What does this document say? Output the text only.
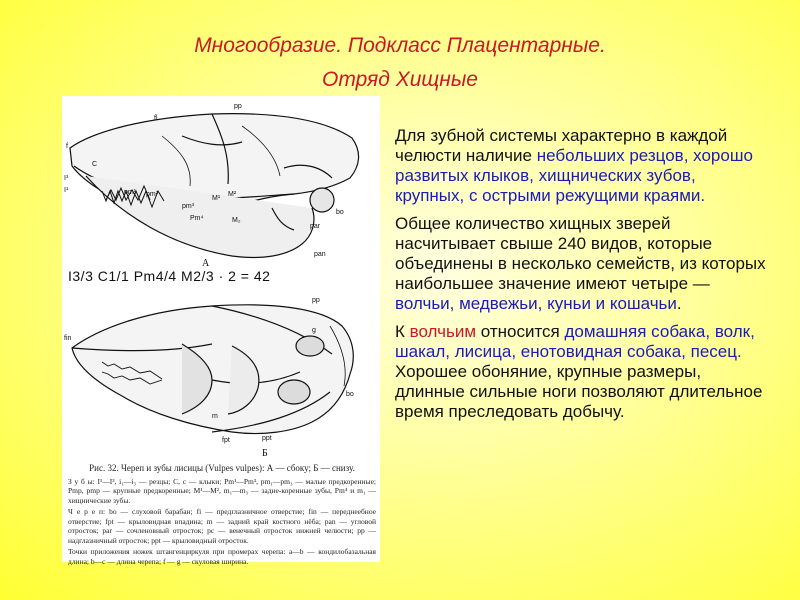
Многообразие. Подкласс Плацентарные.
Отряд Хищные
pp
fl
f
I³
I¹
C
pm¹ pm²
M¹
M²
pm³
Pm⁴	M₂
bo
par
pan
А
pp
g
fin
m
fpt	ppt
bo
Б
I3/3 C1/1 Pm4/4 M2/3 · 2 = 42
Рис. 32. Череп и зубы лисицы (Vulpes vulpes): А — сбоку; Б — снизу.

З у б ы: I¹—I³, i₁—i₃ — резцы; C, c — клыки; Pm¹—Pm³, pm₁—pm₃ — малые предкоренные; Pmp, pmp — крупные предкоренные; M¹—M², m₁—m₃ — задне-коренные зубы, Pm⁴ и m₁ — хищнические зубы.

Ч е р е п: bo — слуховой барабан; fi — предглазничное отверстие; fin — переднеебное отверстие; fpt — крыловидная впадина; m — задний край костного нёба; pan — угловой отросток; par — сочленовный отросток; pc — венечный отросток нижней челюсти; pp — надглазничный отросток; ppt — крыловидный отросток.

Точки приложения ножек штангенциркуля при промерах черепа: a—b — кондилобазальная длина; b—c — длина черепа; f — g — скуловая ширина.

Для зубной системы характерно в каждой челюсти наличие небольших резцов, хорошо развитых клыков, хищнических зубов, крупных, с острыми режущими краями.

Общее количество хищных зверей насчитывает свыше 240 видов, которые объединены в несколько семейств, из которых наибольшее значение имеют четыре — волчьи, медвежьи, куньи и кошачьи.

К волчьим относится домашняя собака, волк, шакал, лисица, енотовидная собака, песец. Хорошее обоняние, крупные размеры, длинные сильные ноги позволяют длительное время преследовать добычу.
